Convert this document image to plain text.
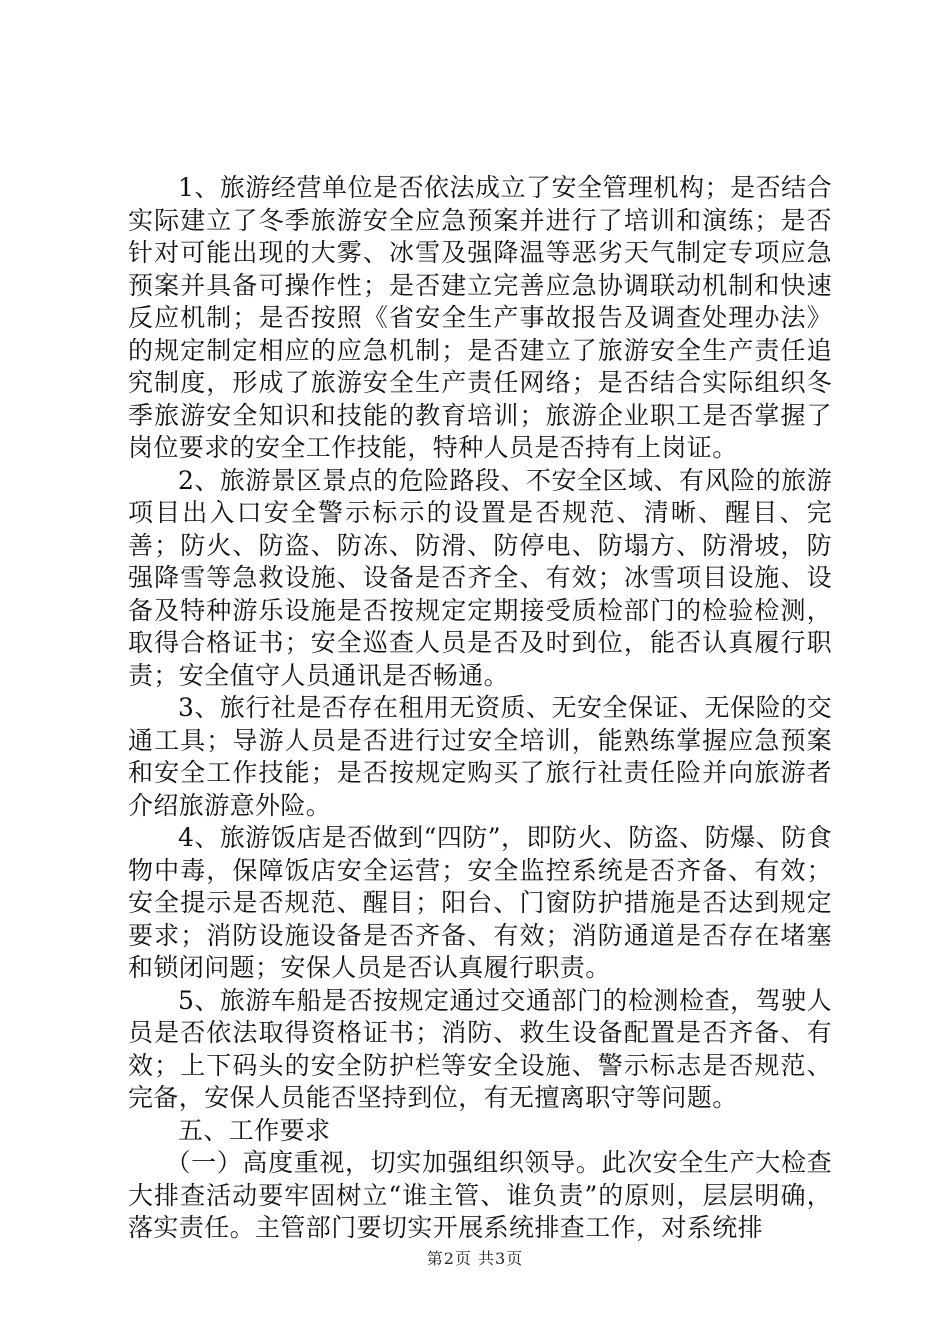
1、旅游经营单位是否依法成立了安全管理机构；是否结合实际建立了冬季旅游安全应急预案并进行了培训和演练；是否针对可能出现的大雾、冰雪及强降温等恶劣天气制定专项应急预案并具备可操作性；是否建立完善应急协调联动机制和快速反应机制；是否按照《省安全生产事故报告及调查处理办法》的规定制定相应的应急机制；是否建立了旅游安全生产责任追究制度，形成了旅游安全生产责任网络；是否结合实际组织冬季旅游安全知识和技能的教育培训；旅游企业职工是否掌握了岗位要求的安全工作技能，特种人员是否持有上岗证。

2、旅游景区景点的危险路段、不安全区域、有风险的旅游项目出入口安全警示标示的设置是否规范、清晰、醒目、完善；防火、防盗、防冻、防滑、防停电、防塌方、防滑坡，防强降雪等急救设施、设备是否齐全、有效；冰雪项目设施、设备及特种游乐设施是否按规定定期接受质检部门的检验检测，取得合格证书；安全巡查人员是否及时到位，能否认真履行职责；安全值守人员通讯是否畅通。

3、旅行社是否存在租用无资质、无安全保证、无保险的交通工具；导游人员是否进行过安全培训，能熟练掌握应急预案和安全工作技能；是否按规定购买了旅行社责任险并向旅游者介绍旅游意外险。

4、旅游饭店是否做到“四防”，即防火、防盗、防爆、防食物中毒，保障饭店安全运营；安全监控系统是否齐备、有效；安全提示是否规范、醒目；阳台、门窗防护措施是否达到规定要求；消防设施设备是否齐备、有效；消防通道是否存在堵塞和锁闭问题；安保人员是否认真履行职责。

5、旅游车船是否按规定通过交通部门的检测检查，驾驶人员是否依法取得资格证书；消防、救生设备配置是否齐备、有效；上下码头的安全防护栏等安全设施、警示标志是否规范、完备，安保人员能否坚持到位，有无擅离职守等问题。

五、工作要求

（一）高度重视，切实加强组织领导。此次安全生产大检查大排查活动要牢固树立“谁主管、谁负责”的原则，层层明确，落实责任。主管部门要切实开展系统排查工作，对系统排

第2页 共3页
